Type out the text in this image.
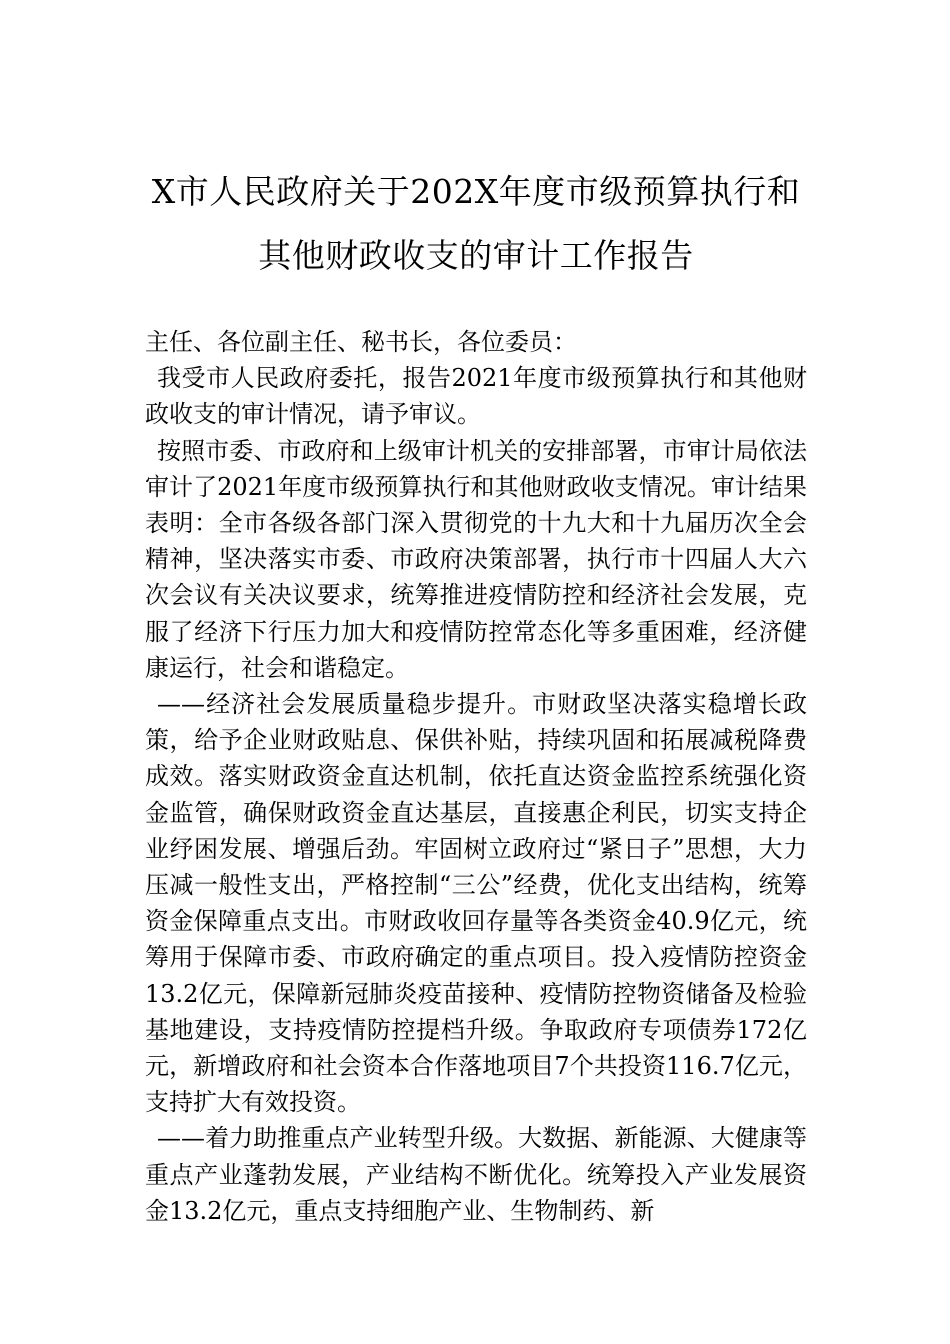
X市人民政府关于202X年度市级预算执行和其他财政收支的审计工作报告

主任、各位副主任、秘书长，各位委员：

我受市人民政府委托，报告2021年度市级预算执行和其他财政收支的审计情况，请予审议。

按照市委、市政府和上级审计机关的安排部署，市审计局依法审计了2021年度市级预算执行和其他财政收支情况。审计结果表明：全市各级各部门深入贯彻党的十九大和十九届历次全会精神，坚决落实市委、市政府决策部署，执行市十四届人大六次会议有关决议要求，统筹推进疫情防控和经济社会发展，克服了经济下行压力加大和疫情防控常态化等多重困难，经济健康运行，社会和谐稳定。

——经济社会发展质量稳步提升。市财政坚决落实稳增长政策，给予企业财政贴息、保供补贴，持续巩固和拓展减税降费成效。落实财政资金直达机制，依托直达资金监控系统强化资金监管，确保财政资金直达基层，直接惠企利民，切实支持企业纾困发展、增强后劲。牢固树立政府过“紧日子”思想，大力压减一般性支出，严格控制“三公”经费，优化支出结构，统筹资金保障重点支出。市财政收回存量等各类资金40.9亿元，统筹用于保障市委、市政府确定的重点项目。投入疫情防控资金13.2亿元，保障新冠肺炎疫苗接种、疫情防控物资储备及检验基地建设，支持疫情防控提档升级。争取政府专项债券172亿元，新增政府和社会资本合作落地项目7个共投资116.7亿元，支持扩大有效投资。

——着力助推重点产业转型升级。大数据、新能源、大健康等重点产业蓬勃发展，产业结构不断优化。统筹投入产业发展资金13.2亿元，重点支持细胞产业、生物制药、新
